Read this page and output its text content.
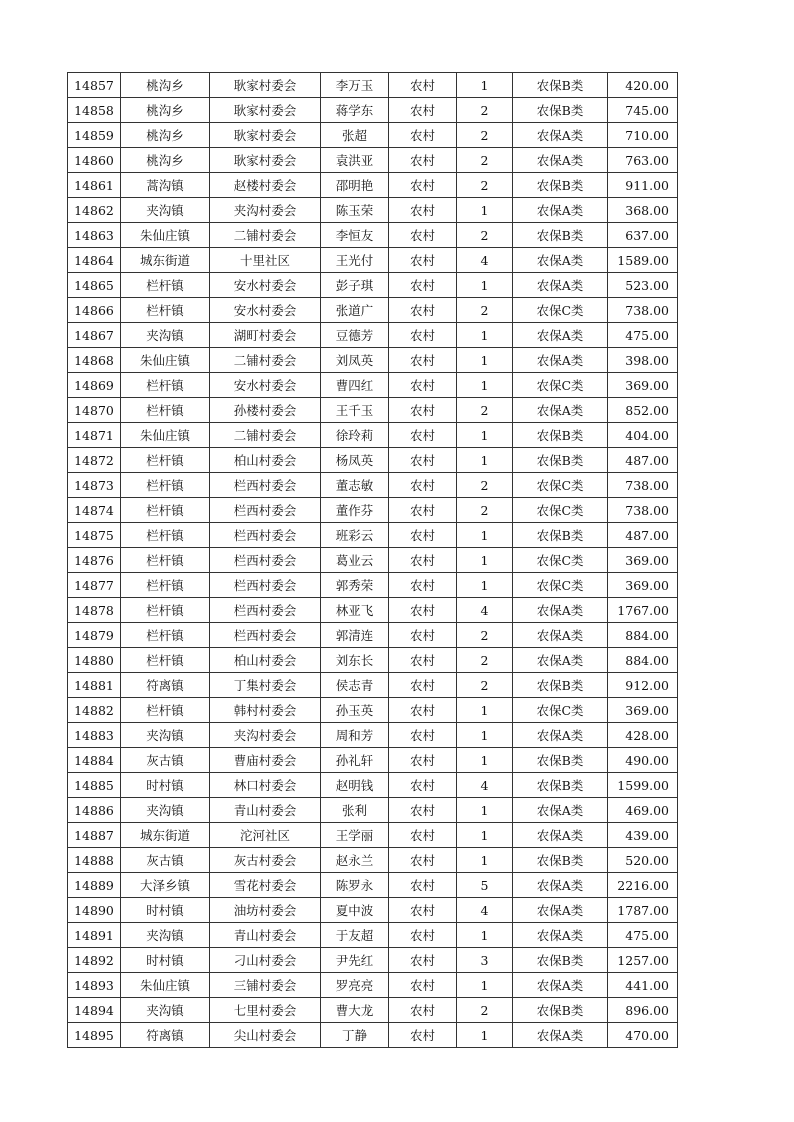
14857	桃沟乡	耿家村委会	李万玉	农村	1	农保B类	420.00
14858	桃沟乡	耿家村委会	蒋学东	农村	2	农保B类	745.00
14859	桃沟乡	耿家村委会	张超	农村	2	农保A类	710.00
14860	桃沟乡	耿家村委会	袁洪亚	农村	2	农保A类	763.00
14861	蒿沟镇	赵楼村委会	邵明艳	农村	2	农保B类	911.00
14862	夹沟镇	夹沟村委会	陈玉荣	农村	1	农保A类	368.00
14863	朱仙庄镇	二铺村委会	李恒友	农村	2	农保B类	637.00
14864	城东街道	十里社区	王光付	农村	4	农保A类	1589.00
14865	栏杆镇	安水村委会	彭子琪	农村	1	农保A类	523.00
14866	栏杆镇	安水村委会	张道广	农村	2	农保C类	738.00
14867	夹沟镇	湖町村委会	豆德芳	农村	1	农保A类	475.00
14868	朱仙庄镇	二铺村委会	刘凤英	农村	1	农保A类	398.00
14869	栏杆镇	安水村委会	曹四红	农村	1	农保C类	369.00
14870	栏杆镇	孙楼村委会	王千玉	农村	2	农保A类	852.00
14871	朱仙庄镇	二铺村委会	徐玲莉	农村	1	农保B类	404.00
14872	栏杆镇	柏山村委会	杨凤英	农村	1	农保B类	487.00
14873	栏杆镇	栏西村委会	董志敏	农村	2	农保C类	738.00
14874	栏杆镇	栏西村委会	董作芬	农村	2	农保C类	738.00
14875	栏杆镇	栏西村委会	班彩云	农村	1	农保B类	487.00
14876	栏杆镇	栏西村委会	葛业云	农村	1	农保C类	369.00
14877	栏杆镇	栏西村委会	郭秀荣	农村	1	农保C类	369.00
14878	栏杆镇	栏西村委会	林亚飞	农村	4	农保A类	1767.00
14879	栏杆镇	栏西村委会	郭清连	农村	2	农保A类	884.00
14880	栏杆镇	柏山村委会	刘东长	农村	2	农保A类	884.00
14881	符离镇	丁集村委会	侯志青	农村	2	农保B类	912.00
14882	栏杆镇	韩村村委会	孙玉英	农村	1	农保C类	369.00
14883	夹沟镇	夹沟村委会	周和芳	农村	1	农保A类	428.00
14884	灰古镇	曹庙村委会	孙礼轩	农村	1	农保B类	490.00
14885	时村镇	林口村委会	赵明钱	农村	4	农保B类	1599.00
14886	夹沟镇	青山村委会	张利	农村	1	农保A类	469.00
14887	城东街道	沱河社区	王学丽	农村	1	农保A类	439.00
14888	灰古镇	灰古村委会	赵永兰	农村	1	农保B类	520.00
14889	大泽乡镇	雪花村委会	陈罗永	农村	5	农保A类	2216.00
14890	时村镇	油坊村委会	夏中波	农村	4	农保A类	1787.00
14891	夹沟镇	青山村委会	于友超	农村	1	农保A类	475.00
14892	时村镇	刁山村委会	尹先红	农村	3	农保B类	1257.00
14893	朱仙庄镇	三铺村委会	罗亮亮	农村	1	农保A类	441.00
14894	夹沟镇	七里村委会	曹大龙	农村	2	农保B类	896.00
14895	符离镇	尖山村委会	丁静	农村	1	农保A类	470.00
